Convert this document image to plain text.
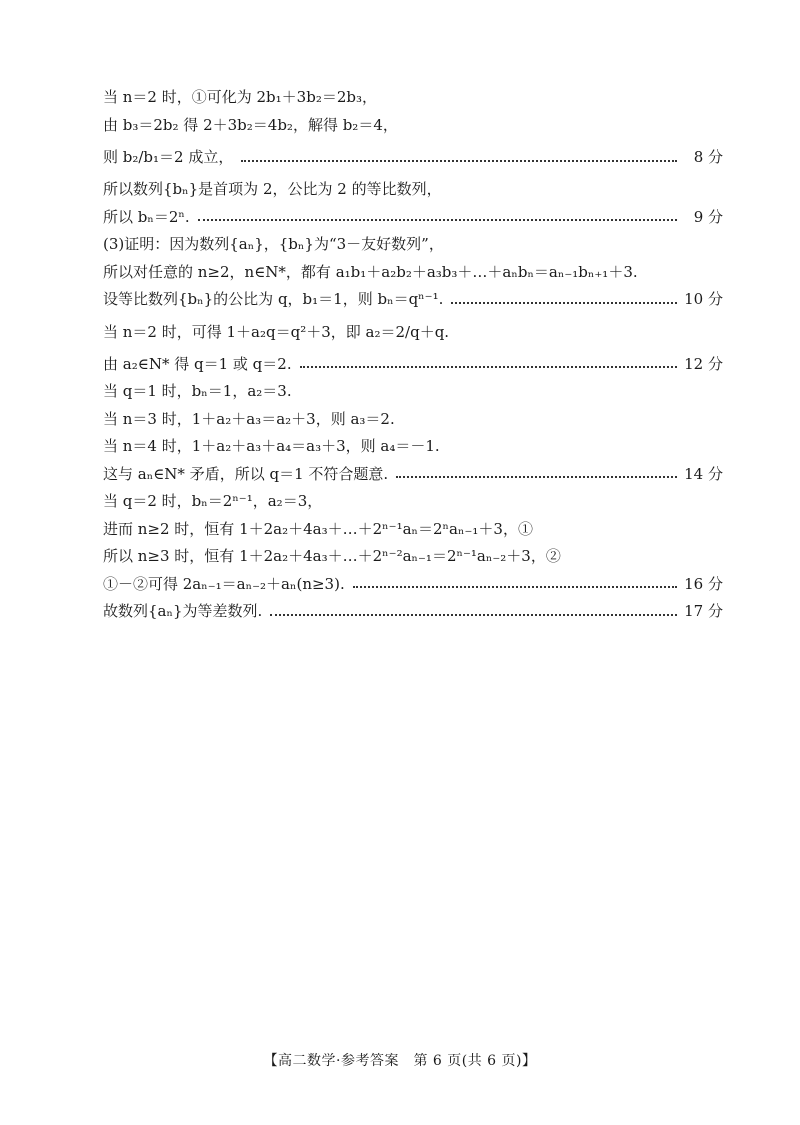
当 n＝2 时，①可化为 2b₁＋3b₂＝2b₃，
由 b₃＝2b₂ 得 2＋3b₂＝4b₂，解得 b₂＝4，
则 b₂/b₁＝2 成立，	8 分
所以数列{bₙ}是首项为 2，公比为 2 的等比数列，
所以 bₙ＝2ⁿ.	9 分
(3)证明：因为数列{aₙ}，{bₙ}为“3－友好数列”，
所以对任意的 n≥2，n∈N*，都有 a₁b₁＋a₂b₂＋a₃b₃＋…＋aₙbₙ＝aₙ₋₁bₙ₊₁＋3.
设等比数列{bₙ}的公比为 q，b₁＝1，则 bₙ＝qⁿ⁻¹.	10 分
当 n＝2 时，可得 1＋a₂q＝q²＋3，即 a₂＝2/q＋q.
由 a₂∈N* 得 q＝1 或 q＝2.	12 分
当 q＝1 时，bₙ＝1，a₂＝3.
当 n＝3 时，1＋a₂＋a₃＝a₂＋3，则 a₃＝2.
当 n＝4 时，1＋a₂＋a₃＋a₄＝a₃＋3，则 a₄＝－1.
这与 aₙ∈N* 矛盾，所以 q＝1 不符合题意.	14 分
当 q＝2 时，bₙ＝2ⁿ⁻¹，a₂＝3，
进而 n≥2 时，恒有 1＋2a₂＋4a₃＋…＋2ⁿ⁻¹aₙ＝2ⁿaₙ₋₁＋3，①
所以 n≥3 时，恒有 1＋2a₂＋4a₃＋…＋2ⁿ⁻²aₙ₋₁＝2ⁿ⁻¹aₙ₋₂＋3，②
①－②可得 2aₙ₋₁＝aₙ₋₂＋aₙ(n≥3).	16 分
故数列{aₙ}为等差数列.	17 分
【高二数学·参考答案　第 6 页(共 6 页)】
